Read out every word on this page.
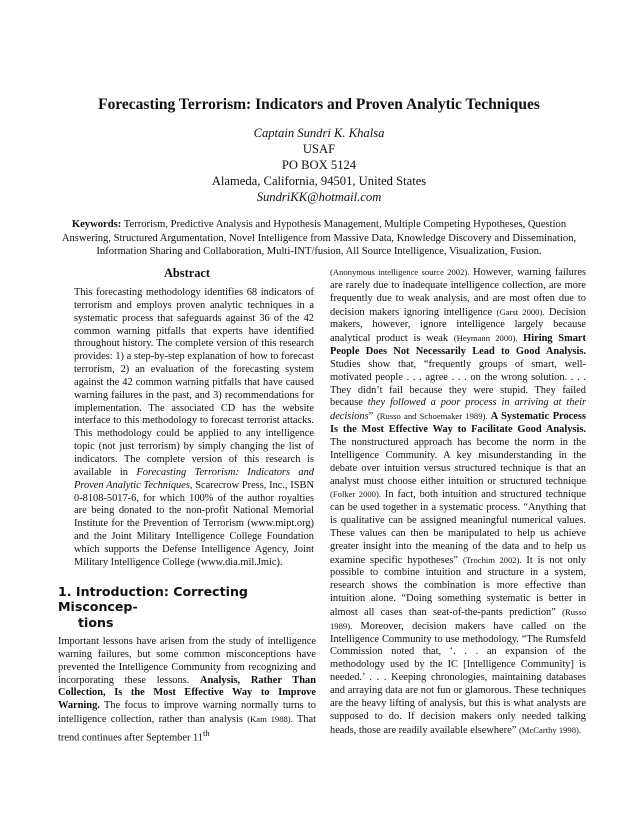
Forecasting Terrorism: Indicators and Proven Analytic Techniques
Captain Sundri K. Khalsa
USAF
PO BOX 5124
Alameda, California, 94501, United States
SundriKK@hotmail.com
Keywords: Terrorism, Predictive Analysis and Hypothesis Management, Multiple Competing Hypotheses, Question Answering, Structured Argumentation, Novel Intelligence from Massive Data, Knowledge Discovery and Dissemination, Information Sharing and Collaboration, Multi-INT/fusion, All Source Intelligence, Visualization, Fusion.
Abstract

This forecasting methodology identifies 68 indicators of terrorism and employs proven analytic techniques in a systematic process that safeguards against 36 of the 42 common warning pitfalls that experts have identified throughout history. The complete version of this research provides: 1) a step-by-step explanation of how to forecast terrorism, 2) an evaluation of the forecasting system against the 42 common warning pitfalls that have caused warning failures in the past, and 3) recommendations for implementation. The associated CD has the website interface to this methodology to forecast terrorist attacks. This methodology could be applied to any intelligence topic (not just terrorism) by simply changing the list of indicators. The complete version of this research is available in Forecasting Terrorism: Indicators and Proven Analytic Techniques, Scarecrow Press, Inc., ISBN 0-8108-5017-6, for which 100% of the author royalties are being donated to the non-profit National Memorial Institute for the Prevention of Terrorism (www.mipt.org) and the Joint Military Intelligence College Foundation which supports the Defense Intelligence Agency, Joint Military Intelligence College (www.dia.mil.Jmic).

1. Introduction: Correcting Misconcep-
tions

Important lessons have arisen from the study of intelligence warning failures, but some common misconceptions have prevented the Intelligence Community from recognizing and incorporating these lessons. Analysis, Rather Than Collection, Is the Most Effective Way to Improve Warning. The focus to improve warning normally turns to intelligence collection, rather than analysis (Kam 1988). That trend continues after September 11th

(Anonymous intelligence source 2002). However, warning failures are rarely due to inadequate intelligence collection, are more frequently due to weak analysis, and are most often due to decision makers ignoring intelligence (Garst 2000). Decision makers, however, ignore intelligence largely because analytical product is weak (Heymann 2000). Hiring Smart People Does Not Necessarily Lead to Good Analysis. Studies show that, “frequently groups of smart, well-motivated people . . . agree . . . on the wrong solution. . . . They didn’t fail because they were stupid. They failed because they followed a poor process in arriving at their decisions” (Russo and Schoemaker 1989). A Systematic Process Is the Most Effective Way to Facilitate Good Analysis. The nonstructured approach has become the norm in the Intelligence Community. A key misunderstanding in the debate over intuition versus structured technique is that an analyst must choose either intuition or structured technique (Folker 2000). In fact, both intuition and structured technique can be used together in a systematic process. “Anything that is qualitative can be assigned meaningful numerical values. These values can then be manipulated to help us achieve greater insight into the meaning of the data and to help us examine specific hypotheses” (Trochim 2002). It is not only possible to combine intuition and structure in a system, research shows the combination is more effective than intuition alone. “Doing something systematic is better in almost all cases than seat-of-the-pants prediction” (Russo 1989). Moreover, decision makers have called on the Intelligence Community to use methodology. “The Rumsfeld Commission noted that, ‘. . . an expansion of the methodology used by the IC [Intelligence Community] is needed.’ . . . Keeping chronologies, maintaining databases and arraying data are not fun or glamorous. These techniques are the heavy lifting of analysis, but this is what analysts are supposed to do. If decision makers only needed talking heads, those are readily available elsewhere” (McCarthy 1998).
